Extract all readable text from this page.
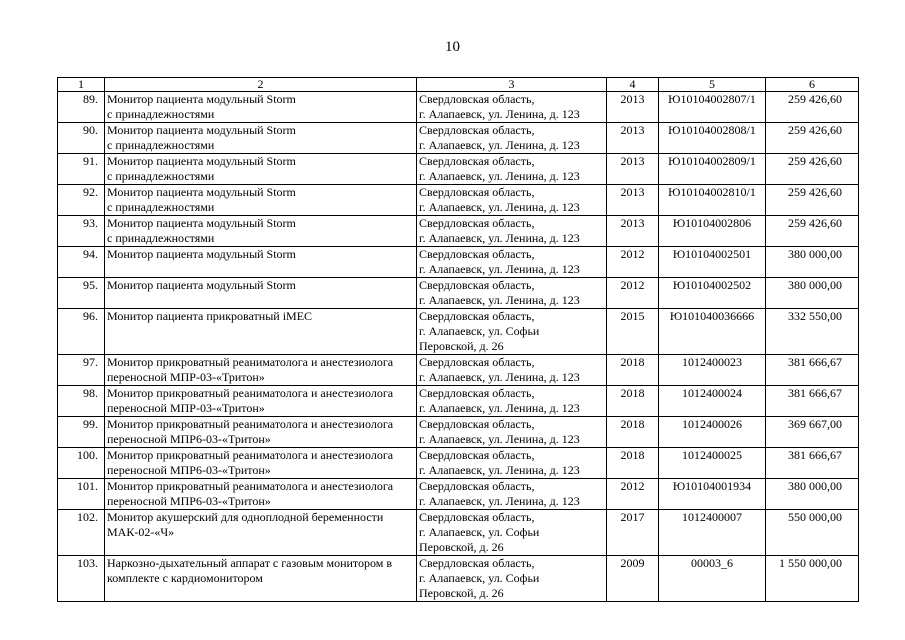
10
1	2	3	4	5	6
89.	Монитор пациента модульный Storm
с принадлежностями	Свердловская область,
г. Алапаевск, ул. Ленина, д. 123	2013	Ю10104002807/1	259 426,60
90.	Монитор пациента модульный Storm
с принадлежностями	Свердловская область,
г. Алапаевск, ул. Ленина, д. 123	2013	Ю10104002808/1	259 426,60
91.	Монитор пациента модульный Storm
с принадлежностями	Свердловская область,
г. Алапаевск, ул. Ленина, д. 123	2013	Ю10104002809/1	259 426,60
92.	Монитор пациента модульный Storm
с принадлежностями	Свердловская область,
г. Алапаевск, ул. Ленина, д. 123	2013	Ю10104002810/1	259 426,60
93.	Монитор пациента модульный Storm
с принадлежностями	Свердловская область,
г. Алапаевск, ул. Ленина, д. 123	2013	Ю10104002806	259 426,60
94.	Монитор пациента модульный Storm	Свердловская область,
г. Алапаевск, ул. Ленина, д. 123	2012	Ю10104002501	380 000,00
95.	Монитор пациента модульный Storm	Свердловская область,
г. Алапаевск, ул. Ленина, д. 123	2012	Ю10104002502	380 000,00
96.	Монитор пациента прикроватный iMEC	Свердловская область,
г. Алапаевск, ул. Софьи
Перовской, д. 26	2015	Ю101040036666	332 550,00
97.	Монитор прикроватный реаниматолога и анестезиолога
переносной МПР-03-«Тритон»	Свердловская область,
г. Алапаевск, ул. Ленина, д. 123	2018	1012400023	381 666,67
98.	Монитор прикроватный реаниматолога и анестезиолога
переносной МПР-03-«Тритон»	Свердловская область,
г. Алапаевск, ул. Ленина, д. 123	2018	1012400024	381 666,67
99.	Монитор прикроватный реаниматолога и анестезиолога
переносной МПР6-03-«Тритон»	Свердловская область,
г. Алапаевск, ул. Ленина, д. 123	2018	1012400026	369 667,00
100.	Монитор прикроватный реаниматолога и анестезиолога
переносной МПР6-03-«Тритон»	Свердловская область,
г. Алапаевск, ул. Ленина, д. 123	2018	1012400025	381 666,67
101.	Монитор прикроватный реаниматолога и анестезиолога
переносной МПР6-03-«Тритон»	Свердловская область,
г. Алапаевск, ул. Ленина, д. 123	2012	Ю10104001934	380 000,00
102.	Монитор акушерский для одноплодной беременности
МАК-02-«Ч»	Свердловская область,
г. Алапаевск, ул. Софьи
Перовской, д. 26	2017	1012400007	550 000,00
103.	Наркозно-дыхательный аппарат с газовым монитором в
комплекте с кардиомонитором	Свердловская область,
г. Алапаевск, ул. Софьи
Перовской, д. 26	2009	00003_6	1 550 000,00
